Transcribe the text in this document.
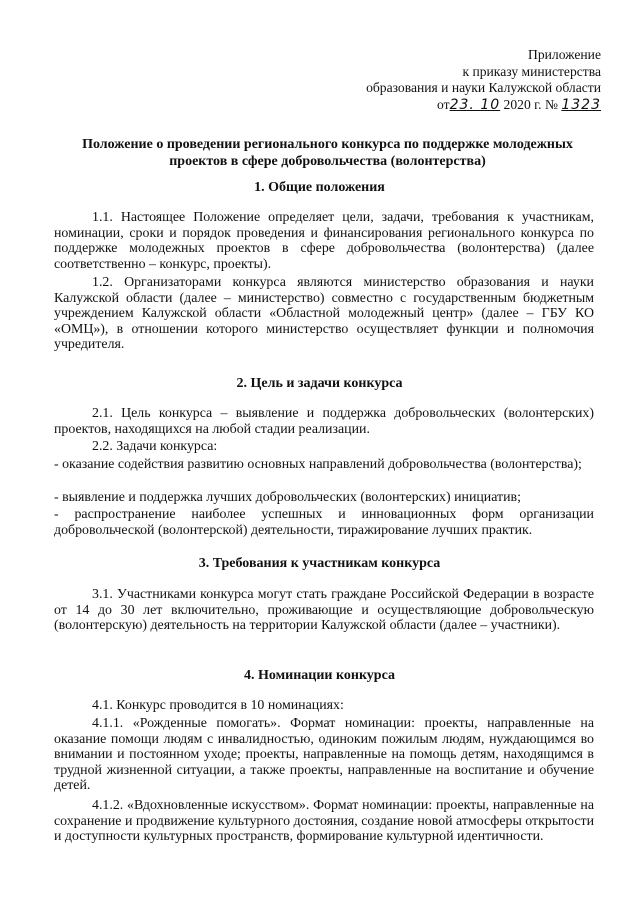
Приложение
к приказу министерства
образования и науки Калужской области
от23. 10 2020 г. № 1323
Положение о проведении регионального конкурса по поддержке молодежных
проектов в сфере добровольчества (волонтерства)
1. Общие положения
1.1. Настоящее Положение определяет цели, задачи, требования к участникам, номинации, сроки и порядок проведения и финансирования регионального конкурса по поддержке молодежных проектов в сфере добровольчества (волонтерства) (далее соответственно – конкурс, проекты).
1.2. Организаторами конкурса являются министерство образования и науки Калужской области (далее – министерство) совместно с государственным бюджетным учреждением Калужской области «Областной молодежный центр» (далее – ГБУ КО «ОМЦ»), в отношении которого министерство осуществляет функции и полномочия учредителя.
2. Цель и задачи конкурса
2.1. Цель конкурса – выявление и поддержка добровольческих (волонтерских) проектов, находящихся на любой стадии реализации.
2.2. Задачи конкурса:
- оказание содействия развитию основных направлений добровольчества (волонтерства);
- выявление и поддержка лучших добровольческих (волонтерских) инициатив;
- распространение наиболее успешных и инновационных форм организации добровольческой (волонтерской) деятельности, тиражирование лучших практик.
3. Требования к участникам конкурса
3.1. Участниками конкурса могут стать граждане Российской Федерации в возрасте от 14 до 30 лет включительно, проживающие и осуществляющие добровольческую (волонтерскую) деятельность на территории Калужской области (далее – участники).
4. Номинации конкурса
4.1. Конкурс проводится в 10 номинациях:
4.1.1. «Рожденные помогать». Формат номинации: проекты, направленные на оказание помощи людям с инвалидностью, одиноким пожилым людям, нуждающимся во внимании и постоянном уходе; проекты, направленные на помощь детям, находящимся в трудной жизненной ситуации, а также проекты, направленные на воспитание и обучение детей.
4.1.2. «Вдохновленные искусством». Формат номинации: проекты, направленные на сохранение и продвижение культурного достояния, создание новой атмосферы открытости и доступности культурных пространств, формирование культурной идентичности.
